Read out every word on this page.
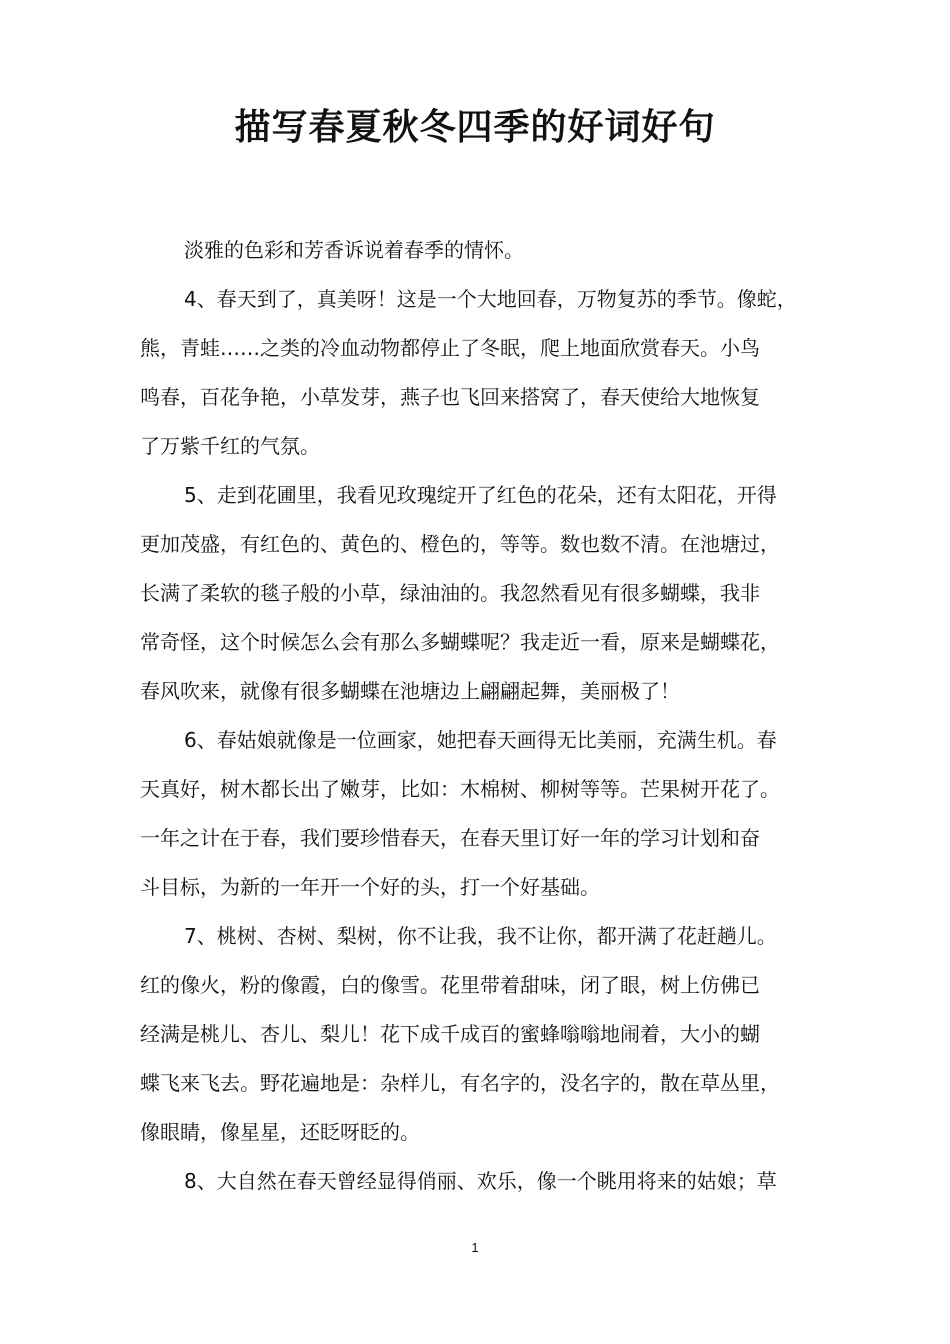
描写春夏秋冬四季的好词好句
淡雅的色彩和芳香诉说着春季的情怀。
4、春天到了，真美呀！这是一个大地回春，万物复苏的季节。像蛇，
熊，青蛙……之类的冷血动物都停止了冬眠，爬上地面欣赏春天。小鸟
鸣春，百花争艳，小草发芽，燕子也飞回来搭窝了，春天使给大地恢复
了万紫千红的气氛。
5、走到花圃里，我看见玫瑰绽开了红色的花朵，还有太阳花，开得
更加茂盛，有红色的、黄色的、橙色的，等等。数也数不清。在池塘过，
长满了柔软的毯子般的小草，绿油油的。我忽然看见有很多蝴蝶，我非
常奇怪，这个时候怎么会有那么多蝴蝶呢？我走近一看，原来是蝴蝶花，
春风吹来，就像有很多蝴蝶在池塘边上翩翩起舞，美丽极了！
6、春姑娘就像是一位画家，她把春天画得无比美丽，充满生机。春
天真好，树木都长出了嫩芽，比如：木棉树、柳树等等。芒果树开花了。
一年之计在于春，我们要珍惜春天，在春天里订好一年的学习计划和奋
斗目标，为新的一年开一个好的头，打一个好基础。
7、桃树、杏树、梨树，你不让我，我不让你，都开满了花赶趟儿。
红的像火，粉的像霞，白的像雪。花里带着甜味，闭了眼，树上仿佛已
经满是桃儿、杏儿、梨儿！花下成千成百的蜜蜂嗡嗡地闹着，大小的蝴
蝶飞来飞去。野花遍地是：杂样儿，有名字的，没名字的，散在草丛里，
像眼睛，像星星，还眨呀眨的。
8、大自然在春天曾经显得俏丽、欢乐，像一个眺用将来的姑娘；草
1
